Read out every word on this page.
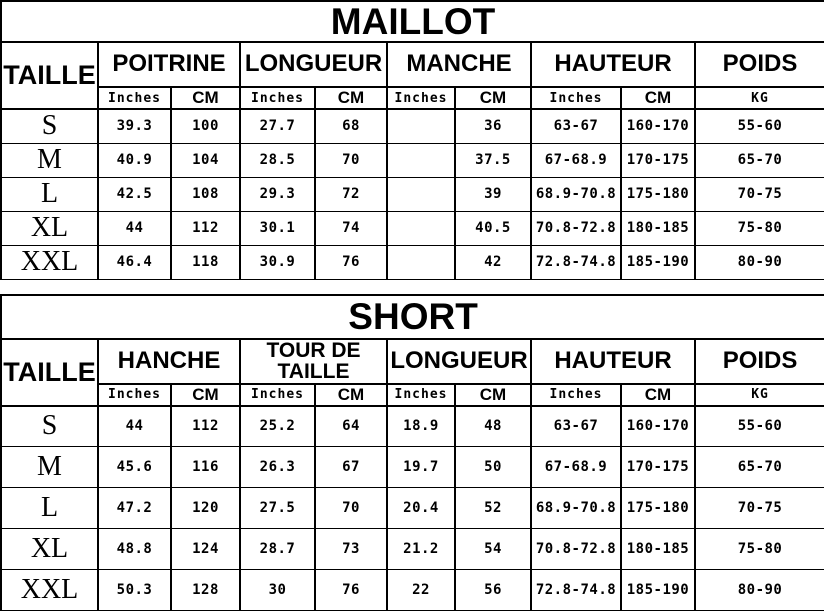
MAILLOT									
TAILLE	POITRINE		LONGUEUR		MANCHE		HAUTEUR		POIDS
	Inches	CM	Inches	CM	Inches	CM	Inches	CM	KG
S	39.3	100	27.7	68		36	63-67	160-170	55-60
M	40.9	104	28.5	70		37.5	67-68.9	170-175	65-70
L	42.5	108	29.3	72		39	68.9-70.8	175-180	70-75
XL	44	112	30.1	74		40.5	70.8-72.8	180-185	75-80
XXL	46.4	118	30.9	76		42	72.8-74.8	185-190	80-90
SHORT									
TAILLE	HANCHE		TOUR DE TAILLE		LONGUEUR		HAUTEUR		POIDS
	Inches	CM	Inches	CM	Inches	CM	Inches	CM	KG
S	44	112	25.2	64	18.9	48	63-67	160-170	55-60
M	45.6	116	26.3	67	19.7	50	67-68.9	170-175	65-70
L	47.2	120	27.5	70	20.4	52	68.9-70.8	175-180	70-75
XL	48.8	124	28.7	73	21.2	54	70.8-72.8	180-185	75-80
XXL	50.3	128	30	76	22	56	72.8-74.8	185-190	80-90
